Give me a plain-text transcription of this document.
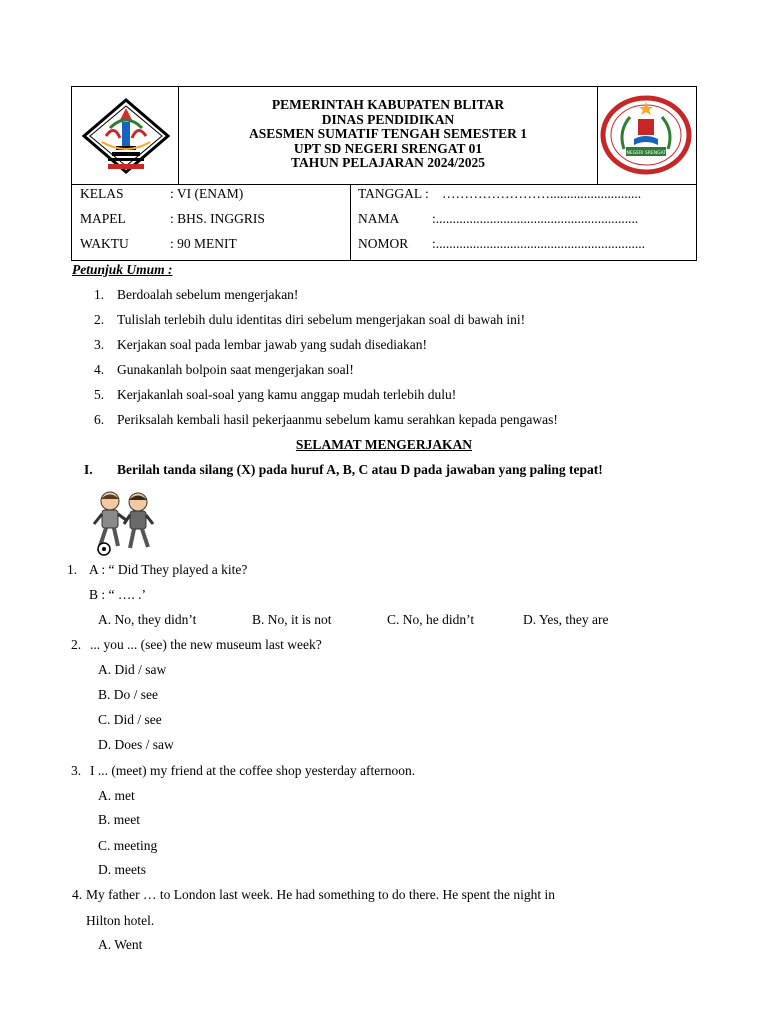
PEMERINTAH KABUPATEN BLITAR
DINAS PENDIDIKAN
ASESMEN SUMATIF TENGAH SEMESTER 1
UPT SD NEGERI SRENGAT 01
TAHUN PELAJARAN 2024/2025
SD NEGERI SRENGAT 01
KELAS	: VI (ENAM)
MAPEL	: BHS. INGGRIS
WAKTU	: 90 MENIT
TANGGAL : ……………………...........................
NAMA :............................................................
NOMOR :..............................................................
Petunjuk Umum :
1. Berdoalah sebelum mengerjakan!
2. Tulislah terlebih dulu identitas diri sebelum mengerjakan soal di bawah ini!
3. Kerjakan soal pada lembar jawab yang sudah disediakan!
4. Gunakanlah bolpoin saat mengerjakan soal!
5. Kerjakanlah soal-soal yang kamu anggap mudah terlebih dulu!
6. Periksalah kembali hasil pekerjaanmu sebelum kamu serahkan kepada pengawas!
SELAMAT MENGERJAKAN
I. Berilah tanda silang (X) pada huruf A, B, C atau D pada jawaban yang paling tepat!
1. A : “ Did They played a kite?
B : “ …. .’
A. No, they didn’t	B. No, it is not	C. No, he didn’t	D. Yes, they are
2. ... you ... (see) the new museum last week?
A. Did / saw
B. Do / see
C. Did / see
D. Does / saw
3. I ... (meet) my friend at the coffee shop yesterday afternoon.
A. met
B. meet
C. meeting
D. meets
4. My father … to London last week. He had something to do there. He spent the night in
Hilton hotel.
A. Went
